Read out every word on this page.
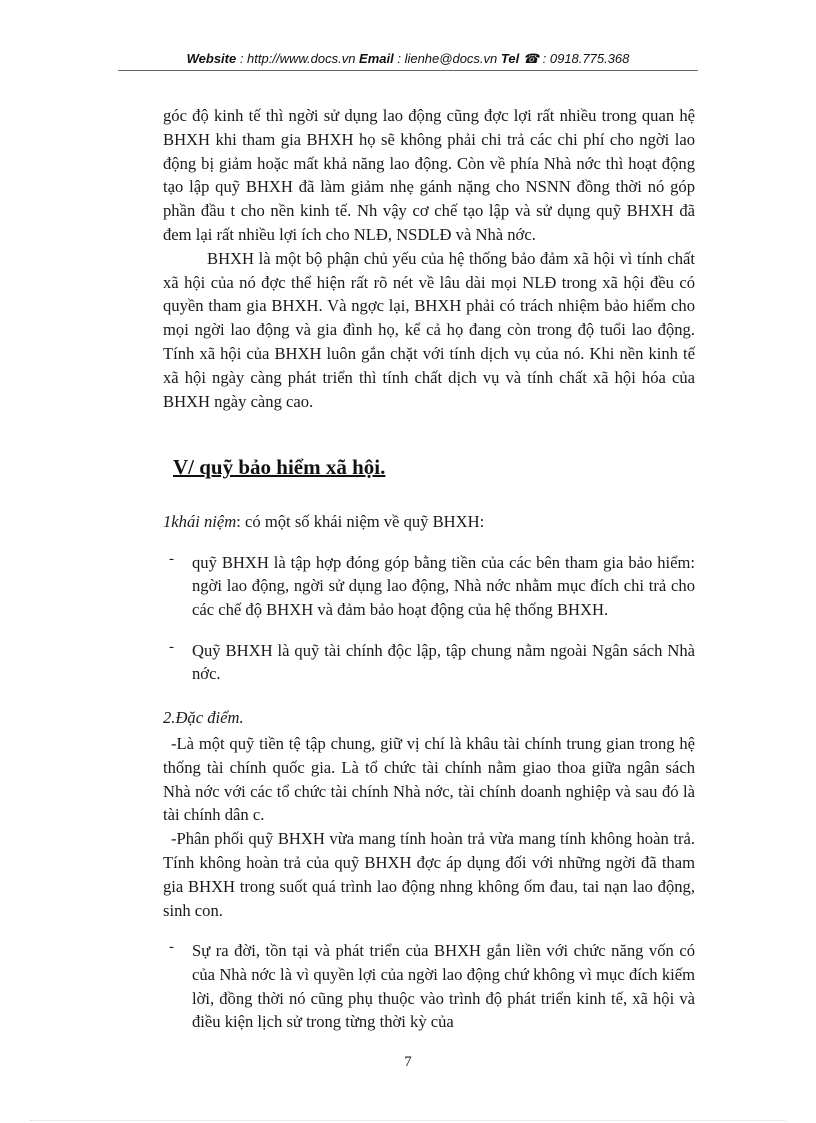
Website : http://www.docs.vn Email : lienhe@docs.vn Tel ☎ : 0918.775.368

góc độ kinh tế thì ngời sử dụng lao động cũng đợc lợi rất nhiều trong quan hệ BHXH khi tham gia BHXH họ sẽ không phải chi trả các chi phí cho ngời lao động bị giảm hoặc mất khả năng lao động. Còn về phía Nhà nớc thì hoạt động tạo lập quỹ BHXH đã làm giảm nhẹ gánh nặng cho NSNN đồng thời nó góp phần đầu t cho nền kinh tế. Nh vậy cơ chế tạo lập và sử dụng quỹ BHXH đã đem lại rất nhiều lợi ích cho NLĐ, NSDLĐ và Nhà nớc.

BHXH là một bộ phận chủ yếu của hệ thống bảo đảm xã hội vì tính chất xã hội của nó đợc thể hiện rất rõ nét về lâu dài mọi NLĐ trong xã hội đều có quyền tham gia BHXH. Và ngợc lại, BHXH phải có trách nhiệm bảo hiểm cho mọi ngời lao động và gia đình họ, kể cả họ đang còn trong độ tuổi lao động. Tính xã hội của BHXH luôn gắn chặt với tính dịch vụ của nó. Khi nền kinh tế xã hội ngày càng phát triển thì tính chất dịch vụ và tính chất xã hội hóa của BHXH ngày càng cao.

V/ quỹ bảo hiểm xã hội.

1khái niệm: có một số khái niệm về quỹ BHXH:

- quỹ BHXH là tập hợp đóng góp bằng tiền của các bên tham gia bảo hiểm: ngời lao động, ngời sử dụng lao động, Nhà nớc nhằm mục đích chi trả cho các chế độ BHXH và đảm bảo hoạt động của hệ thống BHXH.

- Quỹ BHXH là quỹ tài chính độc lập, tập chung nằm ngoài Ngân sách Nhà nớc.

2.Đặc điểm.

-Là một quỹ tiền tệ tập chung, giữ vị chí là khâu tài chính trung gian trong hệ thống tài chính quốc gia. Là tổ chức tài chính nằm giao thoa giữa ngân sách Nhà nớc với các tổ chức tài chính Nhà nớc, tài chính doanh nghiệp và sau đó là tài chính dân c.

-Phân phối quỹ BHXH vừa mang tính hoàn trả vừa mang tính không hoàn trả. Tính không hoàn trả của quỹ BHXH đợc áp dụng đối với những ngời đã tham gia BHXH trong suốt quá trình lao động nhng không ốm đau, tai nạn lao động, sinh con.

- Sự ra đời, tồn tại và phát triển của BHXH gắn liền với chức năng vốn có của Nhà nớc là vì quyền lợi của ngời lao động chứ không vì mục đích kiếm lời, đồng thời nó cũng phụ thuộc vào trình độ phát triển kinh tế, xã hội và điều kiện lịch sử trong từng thời kỳ của

7
